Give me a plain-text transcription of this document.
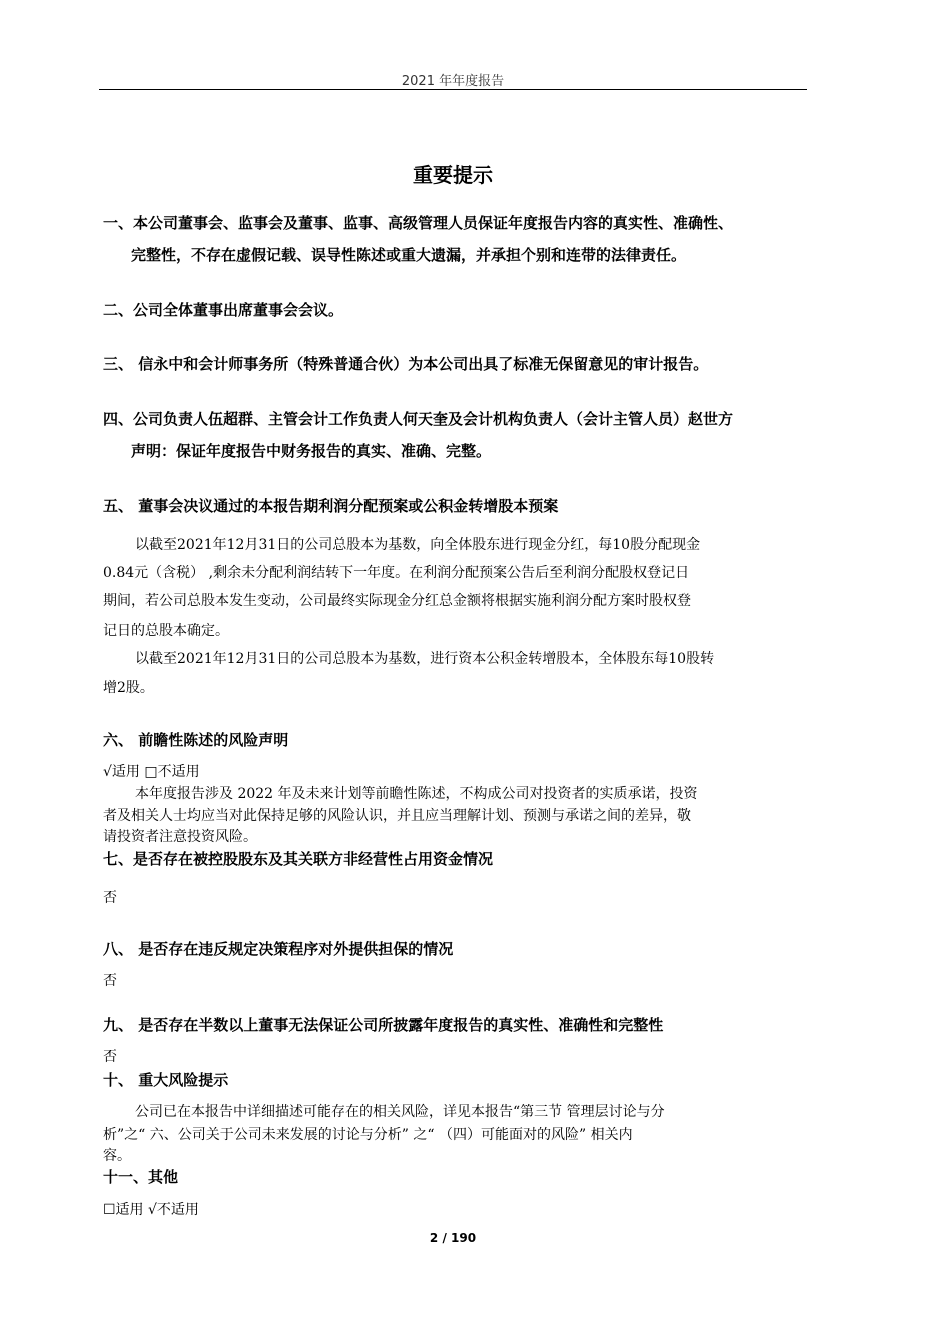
2021 年年度报告
重要提示
一、本公司董事会、监事会及董事、监事、高级管理人员保证年度报告内容的真实性、准确性、
完整性，不存在虚假记载、误导性陈述或重大遗漏，并承担个别和连带的法律责任。
二、公司全体董事出席董事会会议。
三、 信永中和会计师事务所（特殊普通合伙）为本公司出具了标准无保留意见的审计报告。
四、公司负责人伍超群、主管会计工作负责人何天奎及会计机构负责人（会计主管人员）赵世方
声明：保证年度报告中财务报告的真实、准确、完整。
五、 董事会决议通过的本报告期利润分配预案或公积金转增股本预案
以截至2021年12月31日的公司总股本为基数，向全体股东进行现金分红，每10股分配现金
0.84元（含税） ,剩余未分配利润结转下一年度。在利润分配预案公告后至利润分配股权登记日
期间，若公司总股本发生变动，公司最终实际现金分红总金额将根据实施利润分配方案时股权登
记日的总股本确定。
以截至2021年12月31日的公司总股本为基数，进行资本公积金转增股本，全体股东每10股转
增2股。
六、 前瞻性陈述的风险声明
√适用 □不适用
本年度报告涉及 2022 年及未来计划等前瞻性陈述，不构成公司对投资者的实质承诺，投资
者及相关人士均应当对此保持足够的风险认识，并且应当理解计划、预测与承诺之间的差异，敬
请投资者注意投资风险。
七、是否存在被控股股东及其关联方非经营性占用资金情况
否
八、 是否存在违反规定决策程序对外提供担保的情况
否
九、 是否存在半数以上董事无法保证公司所披露年度报告的真实性、准确性和完整性
否
十、 重大风险提示
公司已在本报告中详细描述可能存在的相关风险，详见本报告“第三节 管理层讨论与分
析”之“ 六、公司关于公司未来发展的讨论与分析” 之“ （四）可能面对的风险” 相关内
容。
十一、其他
☐适用 √不适用
2 / 190
